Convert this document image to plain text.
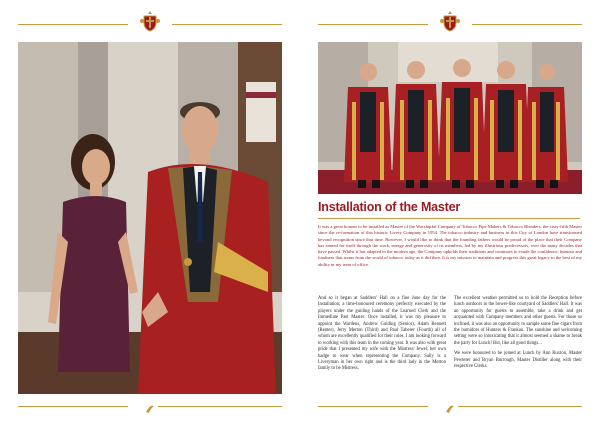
Installation of the Master

It was a great honour to be installed as Master of the Worshipful Company of Tobacco Pipe Makers & Tobacco Blenders, the sixty-fifth Master since the re-formation of this historic Livery Company in 1954. The tobacco industry and business in this City of London have transformed beyond recognition since that time. However, I would like to think that the founding fathers would be proud of the place that their Company has earned for itself through the work, energy and generosity of its members, led by my illustrious predecessors, over the many decades that have passed. Whilst it has adapted to the modern age, the Company upholds their traditions and continues to exude the confidence, humour and fondness that stems from the world of tobacco today as it did then. It is my mission to maintain and progress this great legacy to the best of my ability in my term of office.

And so it began at Saddlers' Hall on a fine June day for the Installation; a time-honoured ceremony perfectly executed by the players under the guiding hands of the Learned Clerk and the Immediate Past Master. Once installed, it was my pleasure to appoint the Wardens, Andrew Golding (Senior), Adam Bennett (Renter), Jerry Merton (Third) and Paul Taberer (Fourth) all of whom are excellently qualified for their roles. I am looking forward to working with this team in the coming year. It was also with great pride that I presented my wife with the Mistress' Jewel, her own badge to wear when representing the Company. Sally is a Liveryman in her own right and is the third lady in the Merton family to be Mistress.

The excellent weather permitted us to hold the Reception before lunch outdoors in the bower-like courtyard of Saddlers' Hall. It was an opportunity for guests to assemble, take a drink and get acquainted with Company members and other guests. For those so inclined, it was also an opportunity to sample some fine cigars from the humidors of Hunters & Frankau. The sunshine and welcoming setting were so intoxicating that it almost seemed a shame to break the party for Lunch! But, like all good things...

We were honoured to be joined at Lunch by Ann Buxton, Master Pewterer and Bryan Burrough, Master Distiller along with their respective Clerks.
